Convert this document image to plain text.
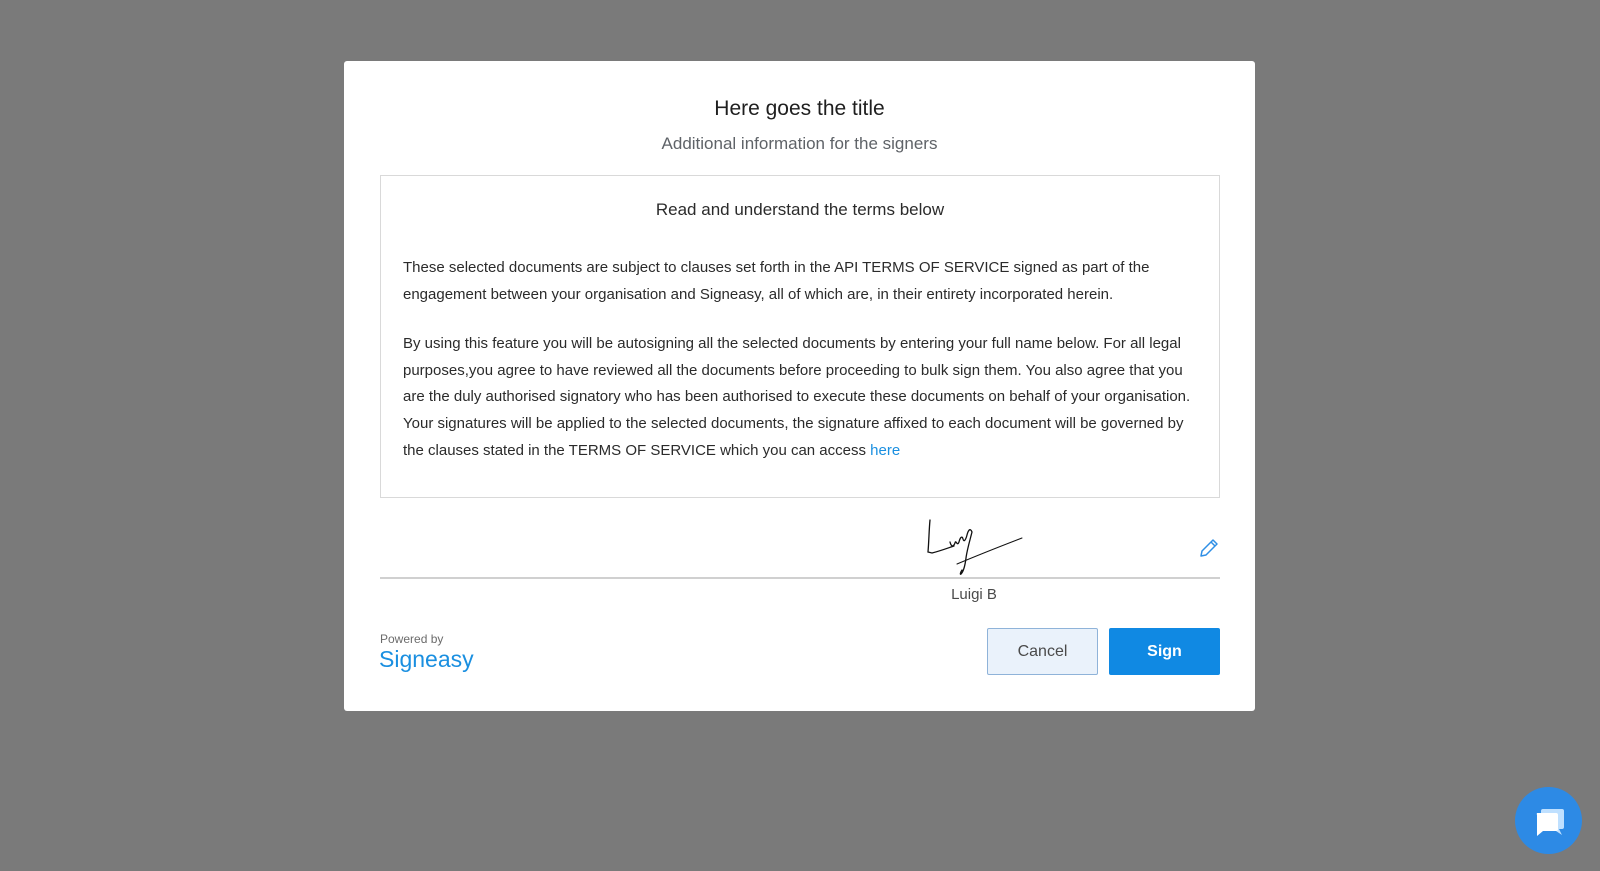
Here goes the title
Additional information for the signers
Read and understand the terms below

These selected documents are subject to clauses set forth in the API TERMS OF SERVICE signed as part of the engagement between your organisation and Signeasy, all of which are, in their entirety incorporated herein.

By using this feature you will be autosigning all the selected documents by entering your full name below. For all legal purposes,you agree to have reviewed all the documents before proceeding to bulk sign them. You also agree that you are the duly authorised signatory who has been authorised to execute these documents on behalf of your organisation. Your signatures will be applied to the selected documents, the signature affixed to each document will be governed by the clauses stated in the TERMS OF SERVICE which you can access here

Luigi B
Powered by
Signeasy	Cancel	Sign
